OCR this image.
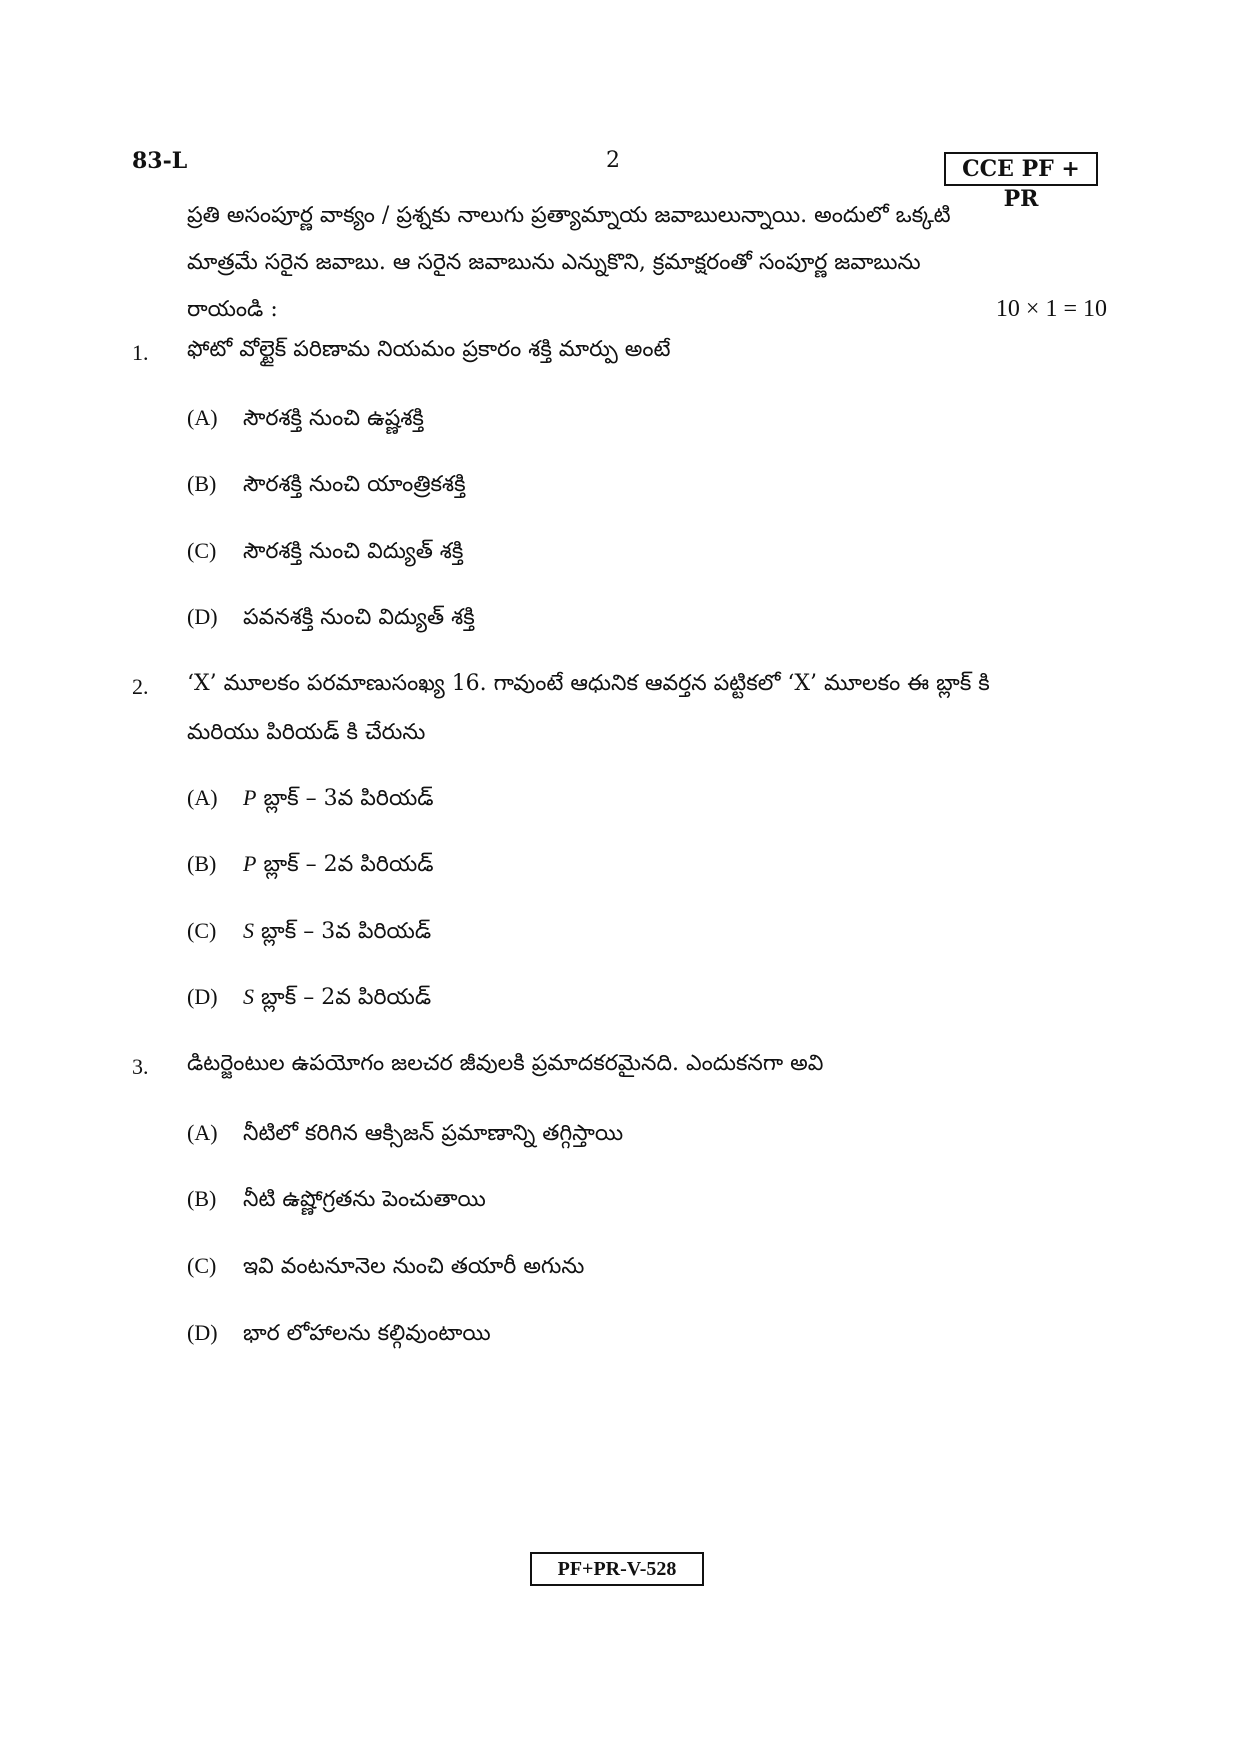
83-L	2	CCE PF + PR
ప్రతి అసంపూర్ణ వాక్యం / ప్రశ్నకు నాలుగు ప్రత్యామ్నాయ జవాబులున్నాయి. అందులో ఒక్కటి
మాత్రమే సరైన జవాబు. ఆ సరైన జవాబును ఎన్నుకొని, క్రమాక్షరంతో సంపూర్ణ జవాబును
రాయండి :	10 × 1 = 10
1. ఫోటో వోల్టైక్ పరిణామ నియమం ప్రకారం శక్తి మార్పు అంటే
(A)	సౌరశక్తి నుంచి ఉష్ణశక్తి
(B)	సౌరశక్తి నుంచి యాంత్రికశక్తి
(C)	సౌరశక్తి నుంచి విద్యుత్ శక్తి
(D)	పవనశక్తి నుంచి విద్యుత్ శక్తి
2. ‘X’ మూలకం పరమాణుసంఖ్య 16. గావుంటే ఆధునిక ఆవర్తన పట్టికలో ‘X’ మూలకం ఈ బ్లాక్ కి
మరియు పిరియడ్ కి చేరును
(A)	P బ్లాక్ – 3వ పిరియడ్
(B)	P బ్లాక్ – 2వ పిరియడ్
(C)	S బ్లాక్ – 3వ పిరియడ్
(D)	S బ్లాక్ – 2వ పిరియడ్
3. డిటర్జెంటుల ఉపయోగం జలచర జీవులకి ప్రమాదకరమైనది. ఎందుకనగా అవి
(A)	నీటిలో కరిగిన ఆక్సిజన్ ప్రమాణాన్ని తగ్గిస్తాయి
(B)	నీటి ఉష్ణోగ్రతను పెంచుతాయి
(C)	ఇవి వంటనూనెల నుంచి తయారీ అగును
(D)	భార లోహాలను కల్గివుంటాయి
PF+PR-V-528
